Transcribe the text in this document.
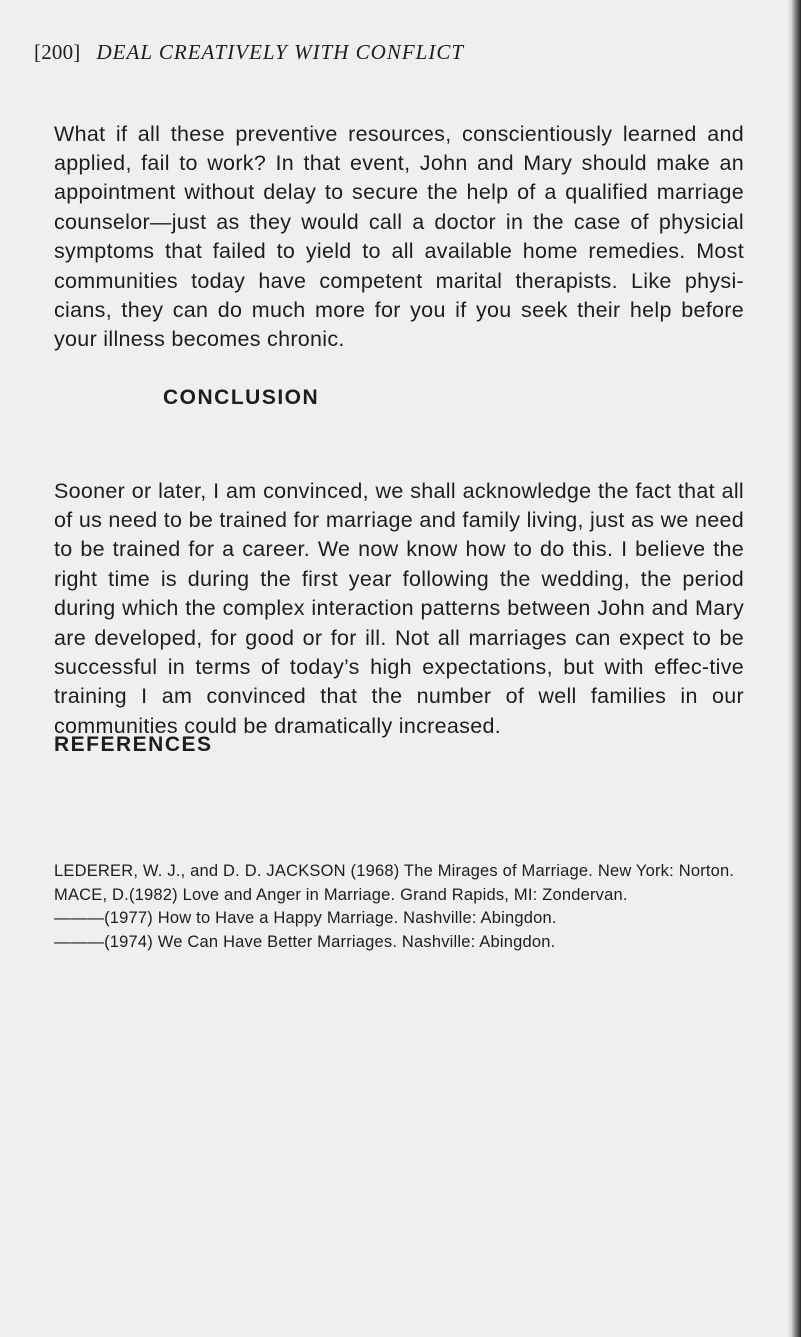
[200] DEAL CREATIVELY WITH CONFLICT

What if all these preventive resources, conscientiously learned and applied, fail to work? In that event, John and Mary should make an appointment without delay to secure the help of a qualified marriage counselor—just as they would call a doctor in the case of physicial symptoms that failed to yield to all available home remedies. Most communities today have competent marital therapists. Like physi-cians, they can do much more for you if you seek their help before your illness becomes chronic.

CONCLUSION

Sooner or later, I am convinced, we shall acknowledge the fact that all of us need to be trained for marriage and family living, just as we need to be trained for a career. We now know how to do this. I believe the right time is during the first year following the wedding, the period during which the complex interaction patterns between John and Mary are developed, for good or for ill. Not all marriages can expect to be successful in terms of today’s high expectations, but with effec-tive training I am convinced that the number of well families in our communities could be dramatically increased.

REFERENCES
LEDERER, W. J., and D. D. JACKSON (1968) The Mirages of Marriage. New York: Norton.
MACE, D.(1982) Love and Anger in Marriage. Grand Rapids, MI: Zondervan.
———(1977) How to Have a Happy Marriage. Nashville: Abingdon.
———(1974) We Can Have Better Marriages. Nashville: Abingdon.
